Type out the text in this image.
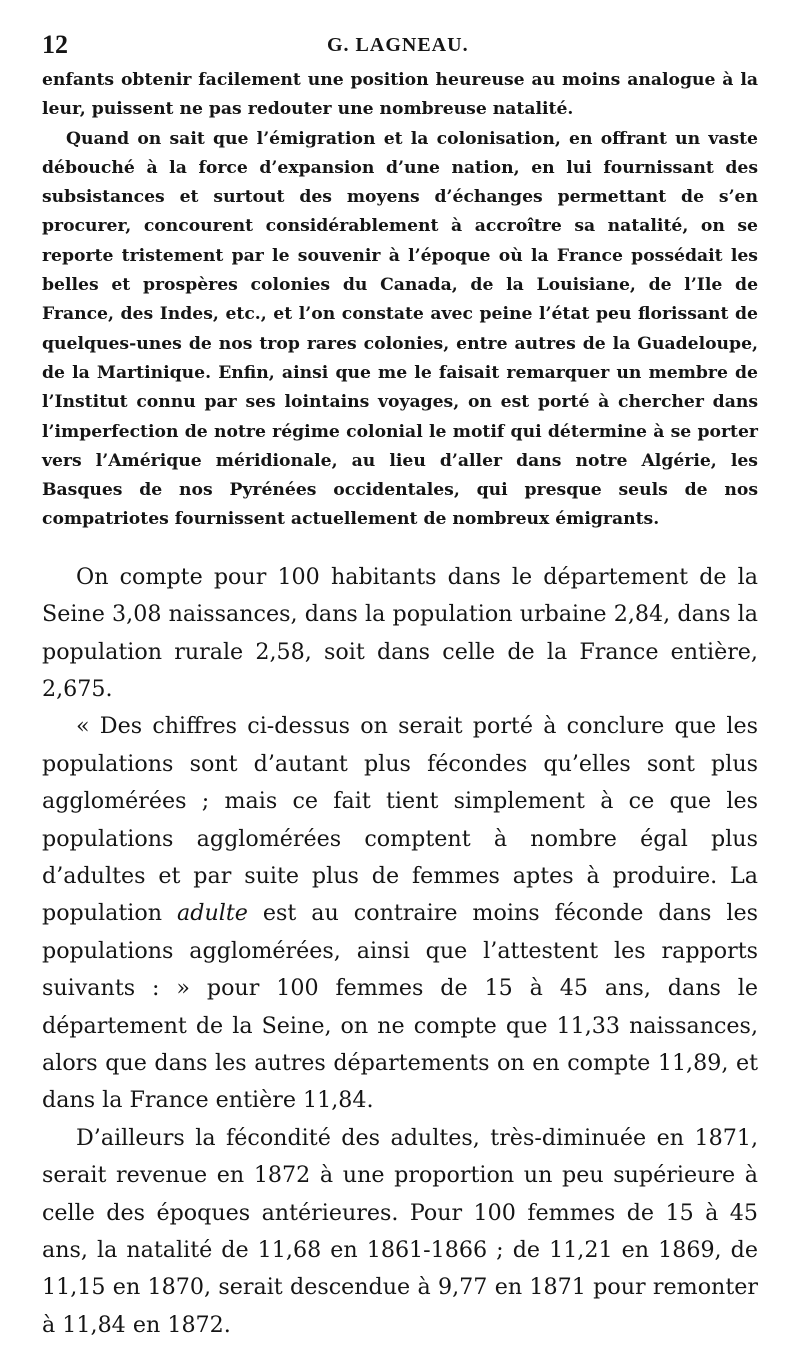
12	G. LAGNEAU.

enfants obtenir facilement une position heureuse au moins analogue à la leur, puissent ne pas redouter une nombreuse natalité.

Quand on sait que l’émigration et la colonisation, en offrant un vaste débouché à la force d’expansion d’une nation, en lui fournissant des subsistances et surtout des moyens d’échanges permettant de s’en procurer, concourent considérablement à accroître sa natalité, on se reporte tristement par le souvenir à l’époque où la France possédait les belles et prospères colonies du Canada, de la Louisiane, de l’Ile de France, des Indes, etc., et l’on constate avec peine l’état peu florissant de quelques-unes de nos trop rares colonies, entre autres de la Guadeloupe, de la Martinique. Enfin, ainsi que me le faisait remarquer un membre de l’Institut connu par ses lointains voyages, on est porté à chercher dans l’imperfection de notre régime colonial le motif qui détermine à se porter vers l’Amérique méridionale, au lieu d’aller dans notre Algérie, les Basques de nos Pyrénées occidentales, qui presque seuls de nos compatriotes fournissent actuellement de nombreux émigrants.

On compte pour 100 habitants dans le département de la Seine 3,08 naissances, dans la population urbaine 2,84, dans la population rurale 2,58, soit dans celle de la France entière, 2,675.

« Des chiffres ci-dessus on serait porté à conclure que les populations sont d’autant plus fécondes qu’elles sont plus agglomérées ; mais ce fait tient simplement à ce que les populations agglomérées comptent à nombre égal plus d’adultes et par suite plus de femmes aptes à produire. La population adulte est au contraire moins féconde dans les populations agglomérées, ainsi que l’attestent les rapports suivants : » pour 100 femmes de 15 à 45 ans, dans le département de la Seine, on ne compte que 11,33 naissances, alors que dans les autres départements on en compte 11,89, et dans la France entière 11,84.

D’ailleurs la fécondité des adultes, très-diminuée en 1871, serait revenue en 1872 à une proportion un peu supérieure à celle des époques antérieures. Pour 100 femmes de 15 à 45 ans, la natalité de 11,68 en 1861-1866 ; de 11,21 en 1869, de 11,15 en 1870, serait descendue à 9,77 en 1871 pour remonter à 11,84 en 1872.
